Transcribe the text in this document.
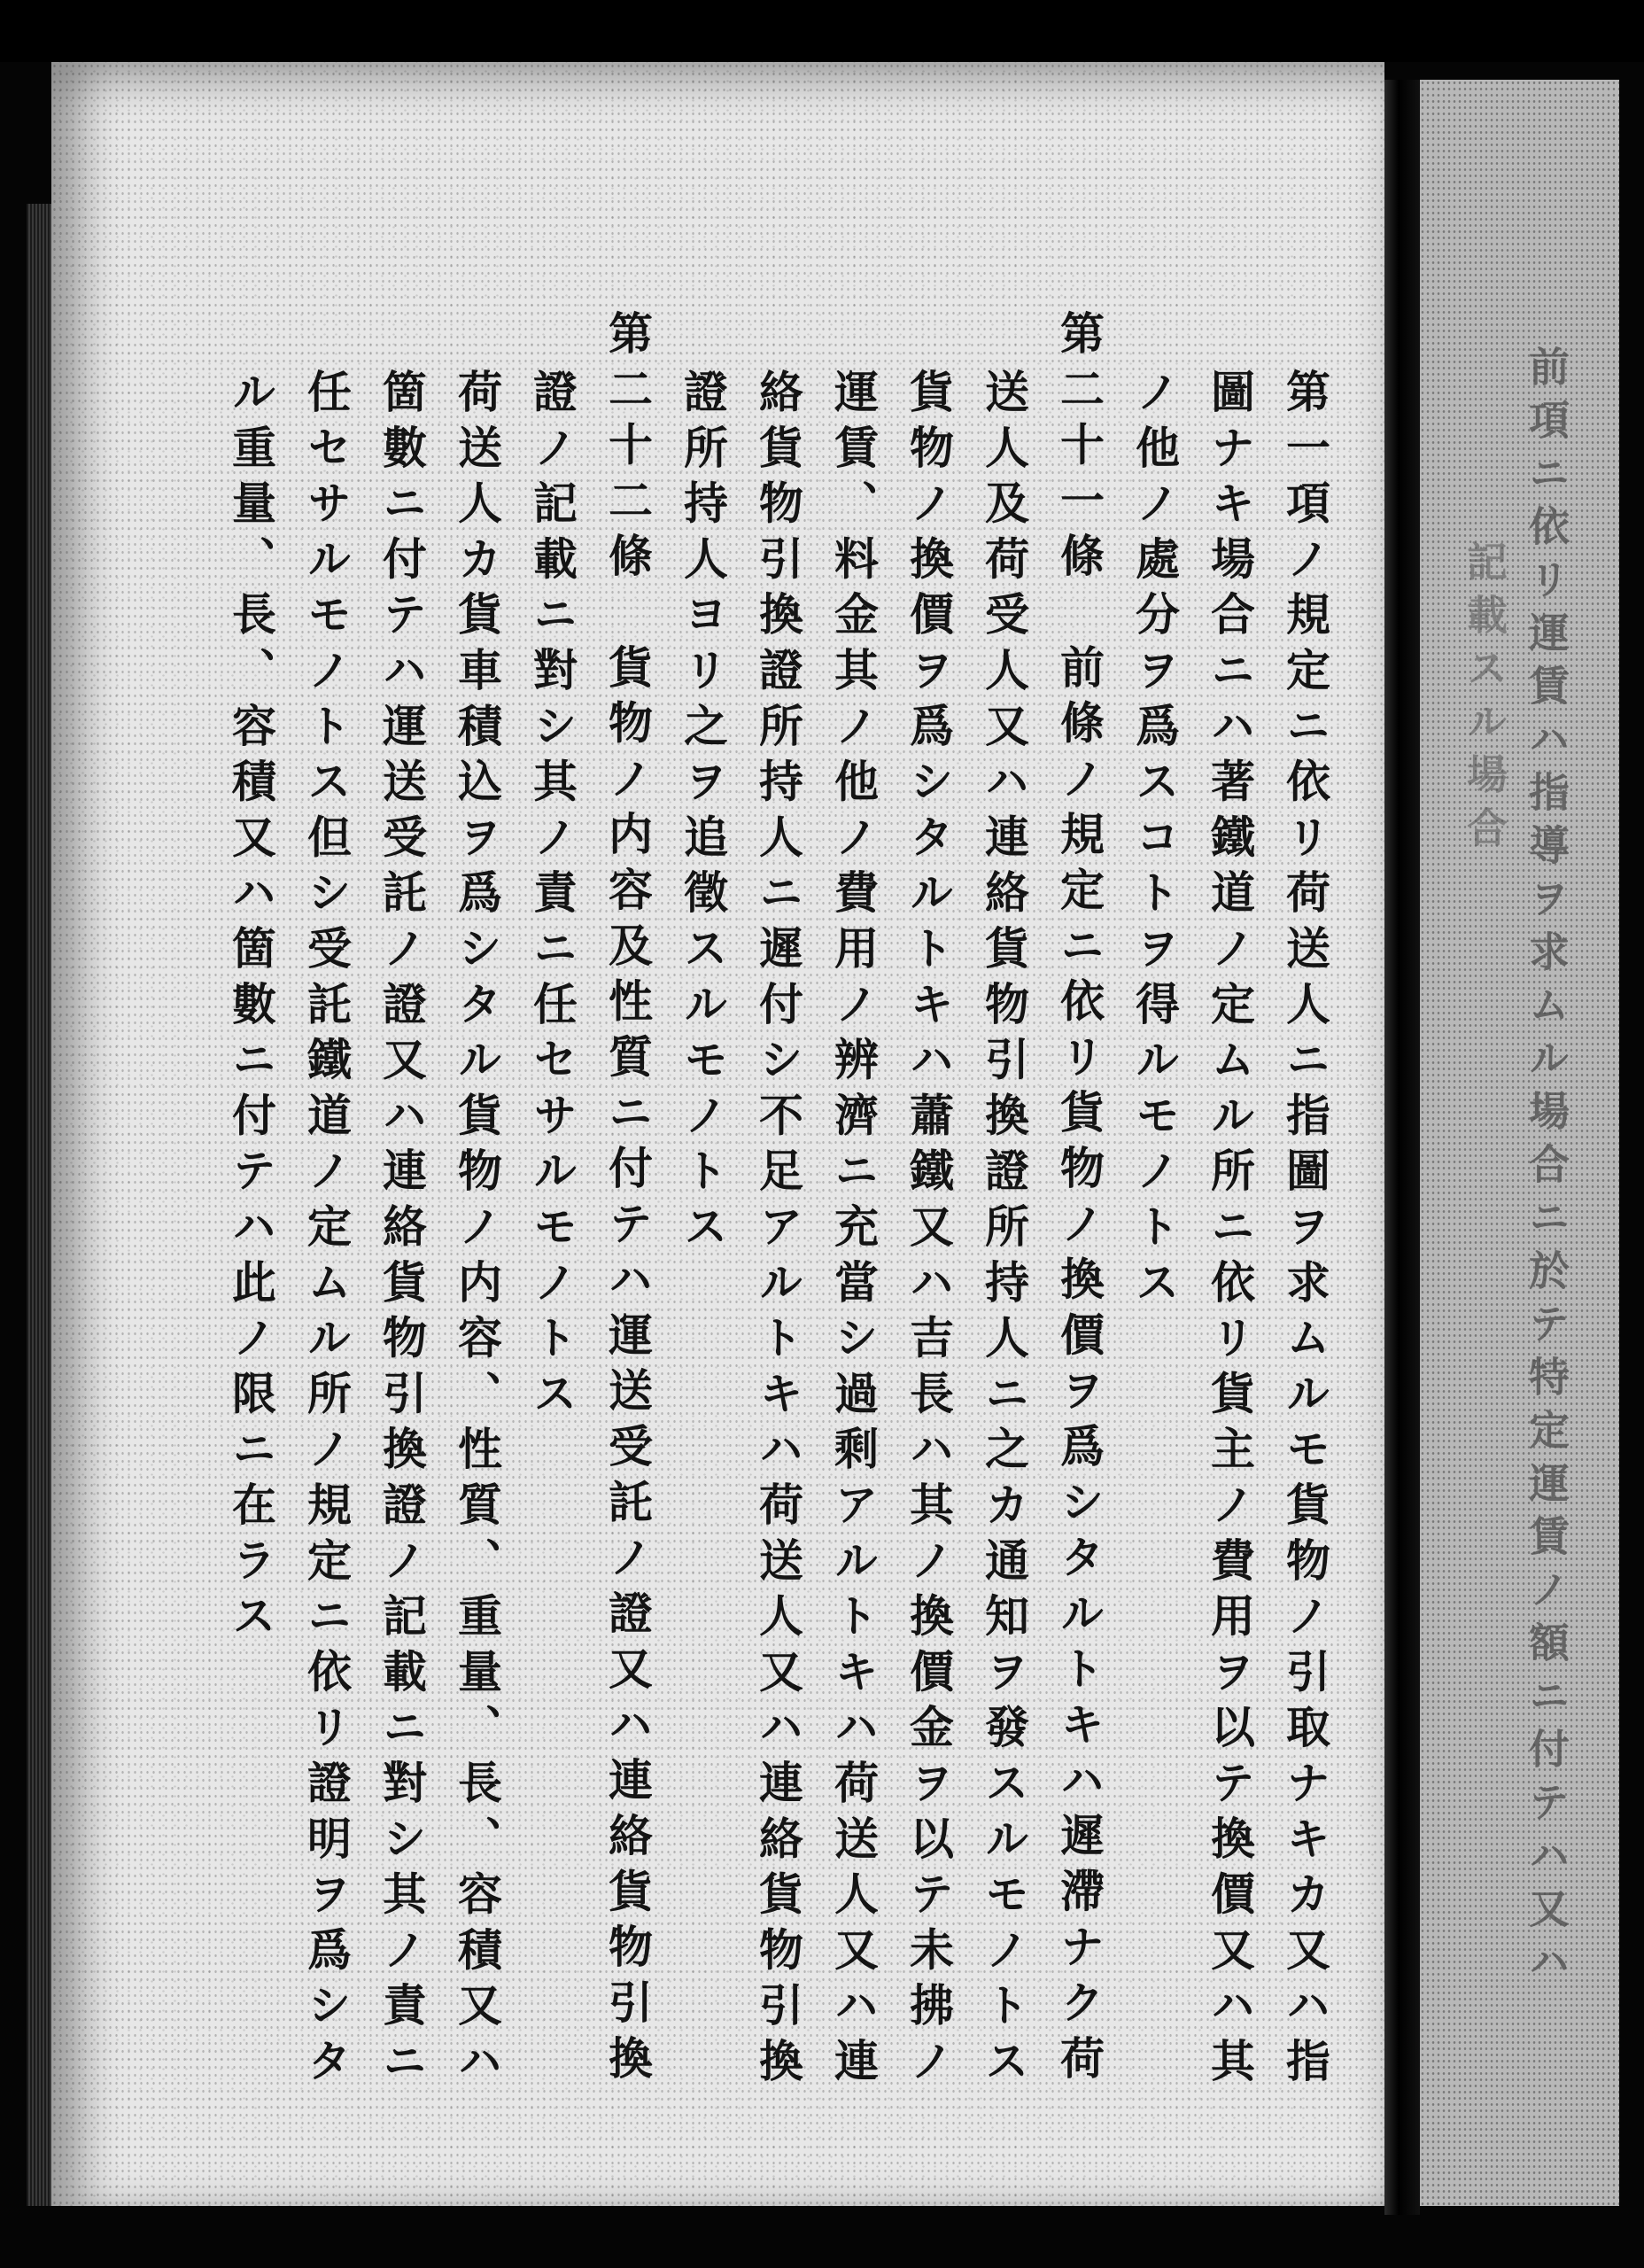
第一項ノ規定ニ依リ荷送人ニ指圖ヲ求ムルモ貨物ノ引取ナキカ又ハ指
圖ナキ場合ニハ著鐵道ノ定ムル所ニ依リ貨主ノ費用ヲ以テ換價又ハ其
ノ他ノ處分ヲ爲スコトヲ得ルモノトス
第二十一條　前條ノ規定ニ依リ貨物ノ換價ヲ爲シタルトキハ遲滯ナク荷
送人及荷受人又ハ連絡貨物引換證所持人ニ之カ通知ヲ發スルモノトス
貨物ノ換價ヲ爲シタルトキハ蕭鐵又ハ吉長ハ其ノ換價金ヲ以テ未拂ノ
運賃、料金其ノ他ノ費用ノ辨濟ニ充當シ過剩アルトキハ荷送人又ハ連
絡貨物引換證所持人ニ遲付シ不足アルトキハ荷送人又ハ連絡貨物引換
證所持人ヨリ之ヲ追徵スルモノトス
第二十二條　貨物ノ内容及性質ニ付テハ運送受託ノ證又ハ連絡貨物引換
證ノ記載ニ對シ其ノ責ニ任セサルモノトス
荷送人カ貨車積込ヲ爲シタル貨物ノ内容、性質、重量、長、容積又ハ
箇數ニ付テハ運送受託ノ證又ハ連絡貨物引換證ノ記載ニ對シ其ノ責ニ
任セサルモノトス但シ受託鐵道ノ定ムル所ノ規定ニ依リ證明ヲ爲シタ
ル重量、長、容積又ハ箇數ニ付テハ此ノ限ニ在ラス	前項ニ依リ運賃ハ指導ヲ求ムル場合ニ於テ特定運賃ノ額ニ付テハ又ハ
記載スル場合
